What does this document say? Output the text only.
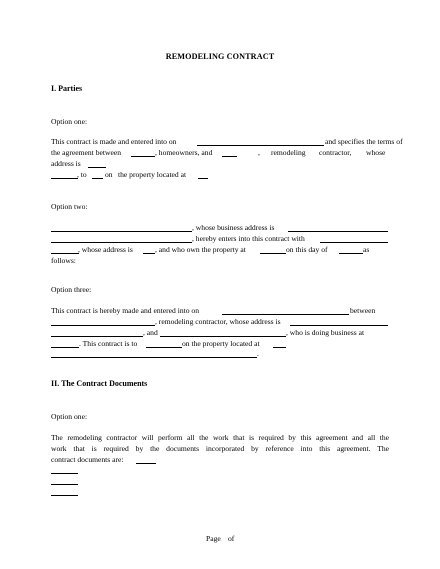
REMODELING CONTRACT
I. Parties
Option one:
This contract is made and entered into on	and specifies the terms of
the agreement between	, homeowners, and	, remodeling contractor, whose
address is
, to on the property located at
Option two:
, whose business address is
, hereby enters into this contract with
, whose address is	, and who own the property at	on this day of	as
follows:
Option three:
This contract is hereby made and entered into on	between
, remodeling contractor, whose address is
, and	, who is doing business at
. This contract is to	on the property located at
.
II. The Contract Documents
Option one:
The remodeling contractor will perform all the work that is required by this agreement and all the
work that is required by the documents incorporated by reference into this agreement. The
contract documents are:
Page of
